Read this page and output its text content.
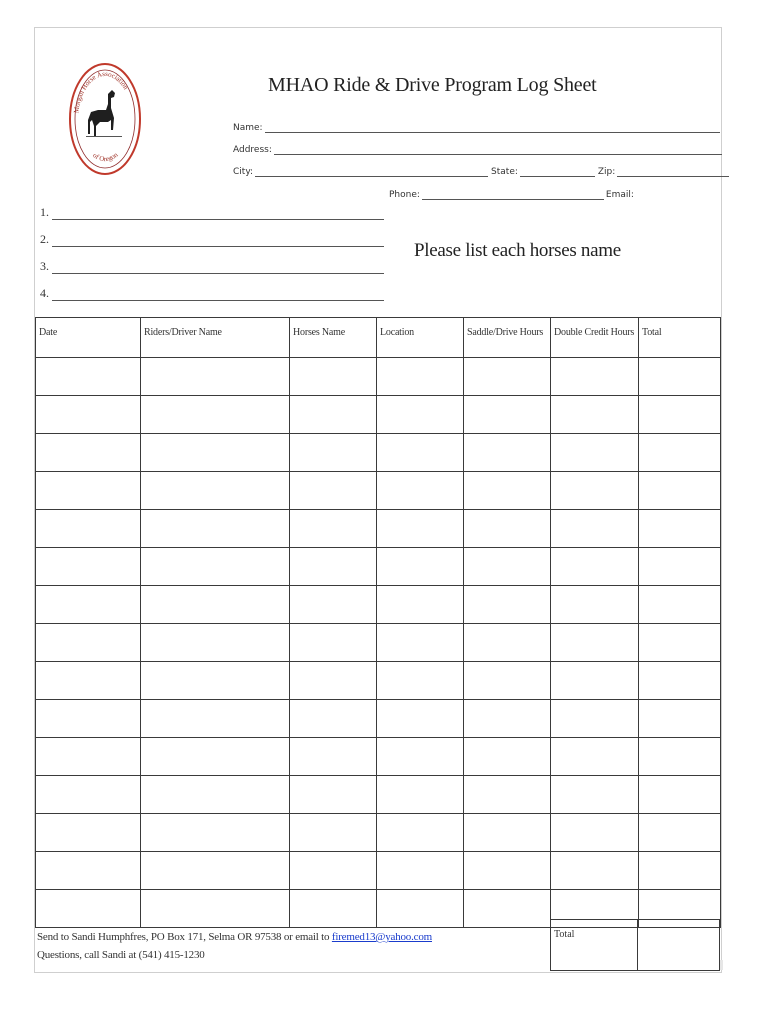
Morgan Horse Association
of Oregon
MHAO Ride & Drive Program Log Sheet
Name:
Address:
City:	State:	Zip:
Phone:	Email:
1.
2.
3.
4.
Please list each horses name
Date	Riders/Driver Name	Horses Name	Location	Saddle/Drive Hours	Double Credit Hours	Total

Send to Sandi Humphfres, PO Box 171, Selma OR 97538 or email to firemed13@yahoo.com
Questions, call Sandi at (541) 415-1230
Total
